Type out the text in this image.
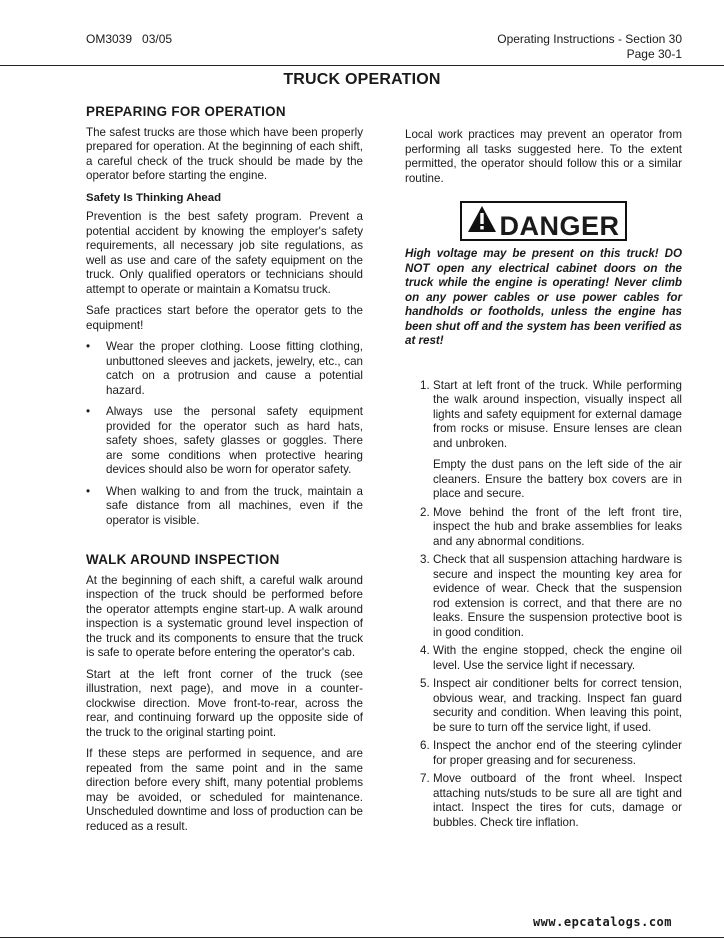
OM3039   03/05	Operating Instructions - Section 30
Page 30-1
TRUCK OPERATION
PREPARING FOR OPERATION

The safest trucks are those which have been properly prepared for operation. At the beginning of each shift, a careful check of the truck should be made by the operator before starting the engine.

Safety Is Thinking Ahead

Prevention is the best safety program. Prevent a potential accident by knowing the employer's safety requirements, all necessary job site regulations, as well as use and care of the safety equipment on the truck. Only qualified operators or technicians should attempt to operate or maintain a Komatsu truck.

Safe practices start before the operator gets to the equipment!

• Wear the proper clothing. Loose fitting clothing, unbuttoned sleeves and jackets, jewelry, etc., can catch on a protrusion and cause a potential hazard.
• Always use the personal safety equipment provided for the operator such as hard hats, safety shoes, safety glasses or goggles. There are some conditions when protective hearing devices should also be worn for operator safety.
• When walking to and from the truck, maintain a safe distance from all machines, even if the operator is visible.
WALK AROUND INSPECTION

At the beginning of each shift, a careful walk around inspection of the truck should be performed before the operator attempts engine start-up. A walk around inspection is a systematic ground level inspection of the truck and its components to ensure that the truck is safe to operate before entering the operator's cab.

Start at the left front corner of the truck (see illustration, next page), and move in a counter-clockwise direction. Move front-to-rear, across the rear, and continuing forward up the opposite side of the truck to the original starting point.

If these steps are performed in sequence, and are repeated from the same point and in the same direction before every shift, many potential problems may be avoided, or scheduled for maintenance. Unscheduled downtime and loss of production can be reduced as a result.

Local work practices may prevent an operator from performing all tasks suggested here. To the extent permitted, the operator should follow this or a similar routine.

DANGER

High voltage may be present on this truck! DO NOT open any electrical cabinet doors on the truck while the engine is operating! Never climb on any power cables or use power cables for handholds or footholds, unless the engine has been shut off and the system has been verified as at rest!

1. Start at left front of the truck. While performing the walk around inspection, visually inspect all lights and safety equipment for external damage from rocks or misuse. Ensure lenses are clean and unbroken.

Empty the dust pans on the left side of the air cleaners. Ensure the battery box covers are in place and secure.

2. Move behind the front of the left front tire, inspect the hub and brake assemblies for leaks and any abnormal conditions.
3. Check that all suspension attaching hardware is secure and inspect the mounting key area for evidence of wear. Check that the suspension rod extension is correct, and that there are no leaks. Ensure the suspension protective boot is in good condition.
4. With the engine stopped, check the engine oil level. Use the service light if necessary.
5. Inspect air conditioner belts for correct tension, obvious wear, and tracking. Inspect fan guard security and condition. When leaving this point, be sure to turn off the service light, if used.
6. Inspect the anchor end of the steering cylinder for proper greasing and for secureness.
7. Move outboard of the front wheel. Inspect attaching nuts/studs to be sure all are tight and intact. Inspect the tires for cuts, damage or bubbles. Check tire inflation.
www.epcatalogs.com
